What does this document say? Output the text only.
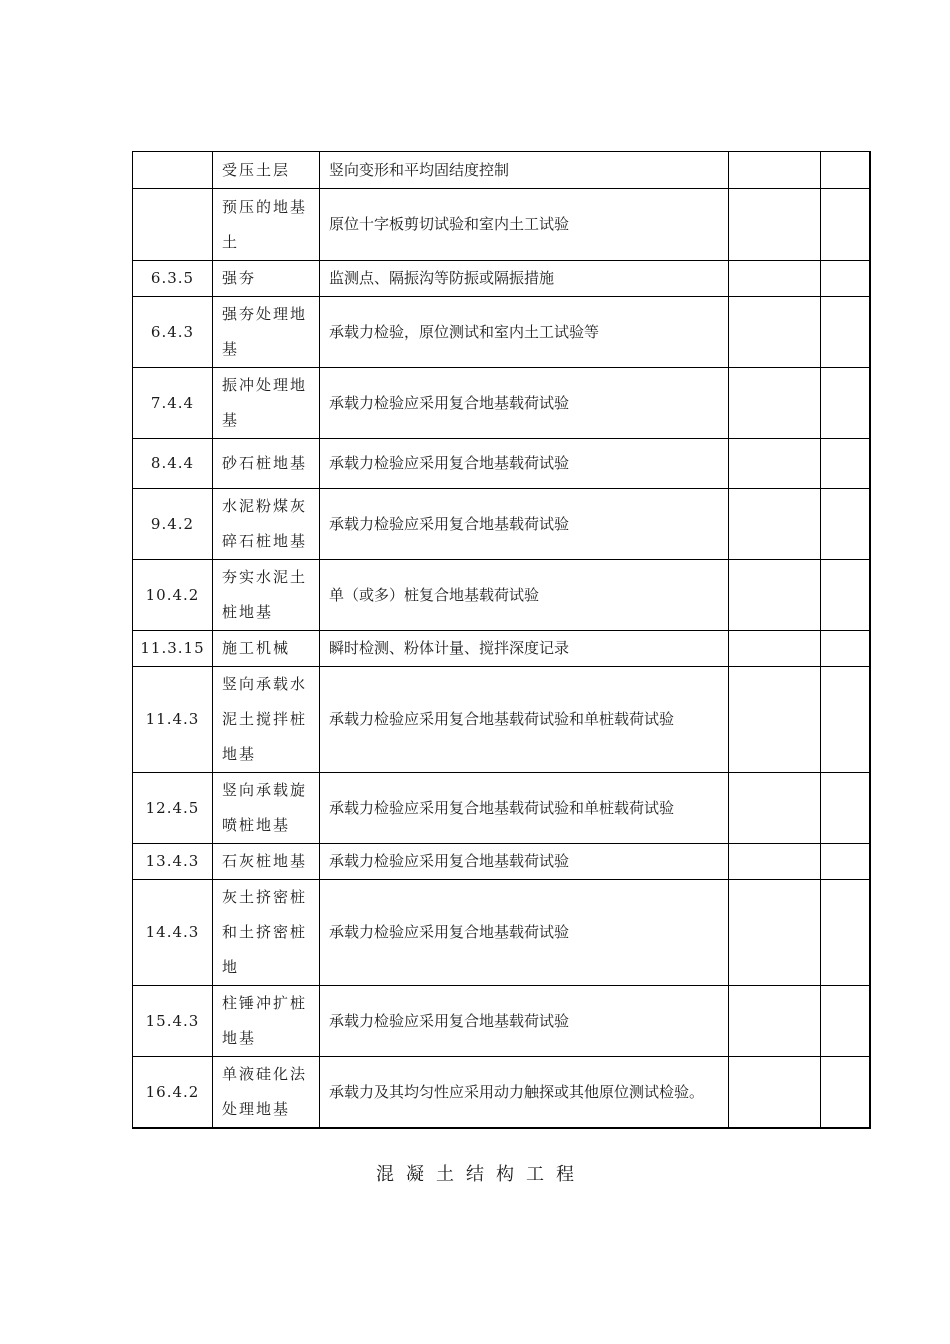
	受压土层	竖向变形和平均固结度控制		
	预压的地基土	原位十字板剪切试验和室内土工试验		
6.3.5	强夯	监测点、隔振沟等防振或隔振措施		
6.4.3	强夯处理地基	承载力检验，原位测试和室内土工试验等		
7.4.4	振冲处理地基	承载力检验应采用复合地基载荷试验		
8.4.4	砂石桩地基	承载力检验应采用复合地基载荷试验		
9.4.2	水泥粉煤灰碎石桩地基	承载力检验应采用复合地基载荷试验		
10.4.2	夯实水泥土桩地基	单（或多）桩复合地基载荷试验		
11.3.15	施工机械	瞬时检测、粉体计量、搅拌深度记录		
11.4.3	竖向承载水泥土搅拌桩地基	承载力检验应采用复合地基载荷试验和单桩载荷试验		
12.4.5	竖向承载旋喷桩地基	承载力检验应采用复合地基载荷试验和单桩载荷试验		
13.4.3	石灰桩地基	承载力检验应采用复合地基载荷试验		
14.4.3	灰土挤密桩和土挤密桩地	承载力检验应采用复合地基载荷试验		
15.4.3	柱锤冲扩桩地基	承载力检验应采用复合地基载荷试验		
16.4.2	单液硅化法处理地基	承载力及其均匀性应采用动力触探或其他原位测试检验。		
混凝土结构工程
